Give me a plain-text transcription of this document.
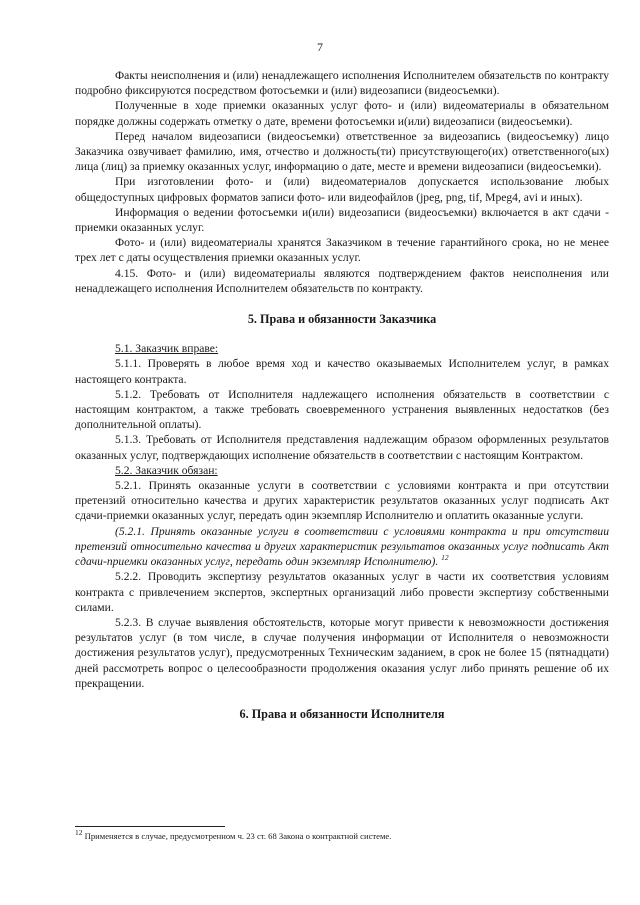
7

Факты неисполнения и (или) ненадлежащего исполнения Исполнителем обязательств по контракту подробно фиксируются посредством фотосъемки и (или) видеозаписи (видеосъемки).

Полученные в ходе приемки оказанных услуг фото- и (или) видеоматериалы в обязательном порядке должны содержать отметку о дате, времени фотосъемки и(или) видеозаписи (видеосъемки).

Перед началом видеозаписи (видеосъемки) ответственное за видеозапись (видеосъемку) лицо Заказчика озвучивает фамилию, имя, отчество и должность(ти) присутствующего(их) ответственного(ых) лица (лиц) за приемку оказанных услуг, информацию о дате, месте и времени видеозаписи (видеосъемки).

При изготовлении фото- и (или) видеоматериалов допускается использование любых общедоступных цифровых форматов записи фото- или видеофайлов (jpeg, png, tif, Mpeg4, avi и иных).

Информация о ведении фотосъемки и(или) видеозаписи (видеосъемки) включается в акт сдачи - приемки оказанных услуг.

Фото- и (или) видеоматериалы хранятся Заказчиком в течение гарантийного срока, но не менее трех лет с даты осуществления приемки оказанных услуг.

4.15. Фото- и (или) видеоматериалы являются подтверждением фактов неисполнения или ненадлежащего исполнения Исполнителем обязательств по контракту.

5. Права и обязанности Заказчика

5.1. Заказчик вправе:

5.1.1. Проверять в любое время ход и качество оказываемых Исполнителем услуг, в рамках настоящего контракта.

5.1.2. Требовать от Исполнителя надлежащего исполнения обязательств в соответствии с настоящим контрактом, а также требовать своевременного устранения выявленных недостатков (без дополнительной оплаты).

5.1.3. Требовать от Исполнителя представления надлежащим образом оформленных результатов оказанных услуг, подтверждающих исполнение обязательств в соответствии с настоящим Контрактом.

5.2. Заказчик обязан:

5.2.1. Принять оказанные услуги в соответствии с условиями контракта и при отсутствии претензий относительно качества и других характеристик результатов оказанных услуг подписать Акт сдачи-приемки оказанных услуг, передать один экземпляр Исполнителю и оплатить оказанные услуги.

(5.2.1. Принять оказанные услуги в соответствии с условиями контракта и при отсутствии претензий относительно качества и других характеристик результатов оказанных услуг подписать Акт сдачи-приемки оказанных услуг, передать один экземпляр Исполнителю). $^{12}$

5.2.2. Проводить экспертизу результатов оказанных услуг в части их соответствия условиям контракта с привлечением экспертов, экспертных организаций либо провести экспертизу собственными силами.

5.2.3. В случае выявления обстоятельств, которые могут привести к невозможности достижения результатов услуг (в том числе, в случае получения информации от Исполнителя о невозможности достижения результатов услуг), предусмотренных Техническим заданием, в срок не более 15 (пятнадцати) дней рассмотреть вопрос о целесообразности продолжения оказания услуг либо принять решение об их прекращении.

6. Права и обязанности Исполнителя
$^{12}$ Применяется в случае, предусмотренном ч. 23 ст. 68 Закона о контрактной системе.
